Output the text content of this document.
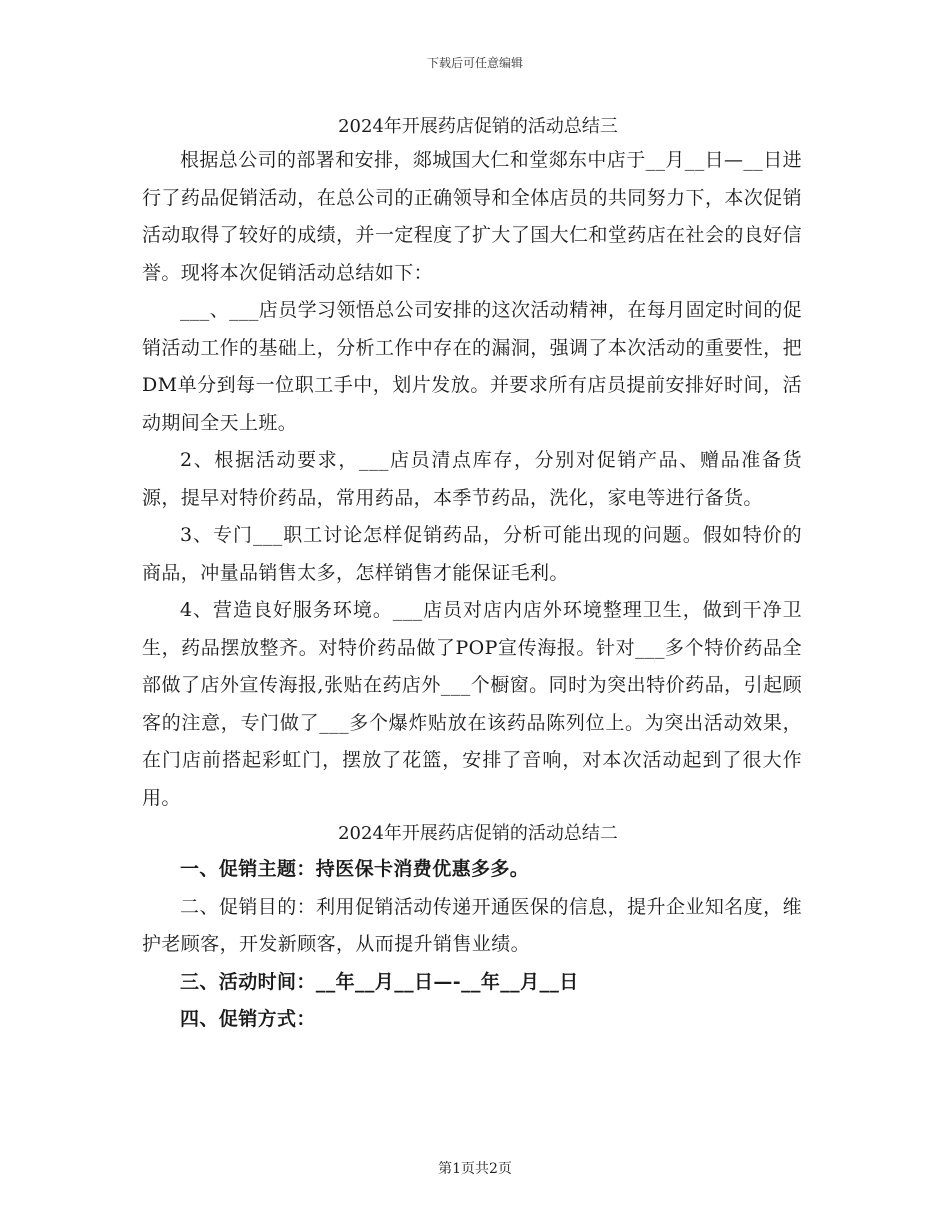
下载后可任意编辑
2024年开展药店促销的活动总结三

根据总公司的部署和安排，郯城国大仁和堂郯东中店于__月__日—__日进行了药品促销活动，在总公司的正确领导和全体店员的共同努力下，本次促销活动取得了较好的成绩，并一定程度了扩大了国大仁和堂药店在社会的良好信誉。现将本次促销活动总结如下：

___、___店员学习领悟总公司安排的这次活动精神，在每月固定时间的促销活动工作的基础上，分析工作中存在的漏洞，强调了本次活动的重要性，把DM单分到每一位职工手中，划片发放。并要求所有店员提前安排好时间，活动期间全天上班。

2、根据活动要求，___店员清点库存，分别对促销产品、赠品准备货源，提早对特价药品，常用药品，本季节药品，洗化，家电等进行备货。

3、专门___职工讨论怎样促销药品，分析可能出现的问题。假如特价的商品，冲量品销售太多，怎样销售才能保证毛利。

4、营造良好服务环境。___店员对店内店外环境整理卫生，做到干净卫生，药品摆放整齐。对特价药品做了POP宣传海报。针对___多个特价药品全部做了店外宣传海报,张贴在药店外___个橱窗。同时为突出特价药品，引起顾客的注意，专门做了___多个爆炸贴放在该药品陈列位上。为突出活动效果，在门店前搭起彩虹门，摆放了花篮，安排了音响，对本次活动起到了很大作用。

2024年开展药店促销的活动总结二

一、促销主题：持医保卡消费优惠多多。

二、促销目的：利用促销活动传递开通医保的信息，提升企业知名度，维护老顾客，开发新顾客，从而提升销售业绩。

三、活动时间：__年__月__日—-__年__月__日

四、促销方式：

第1页共2页
